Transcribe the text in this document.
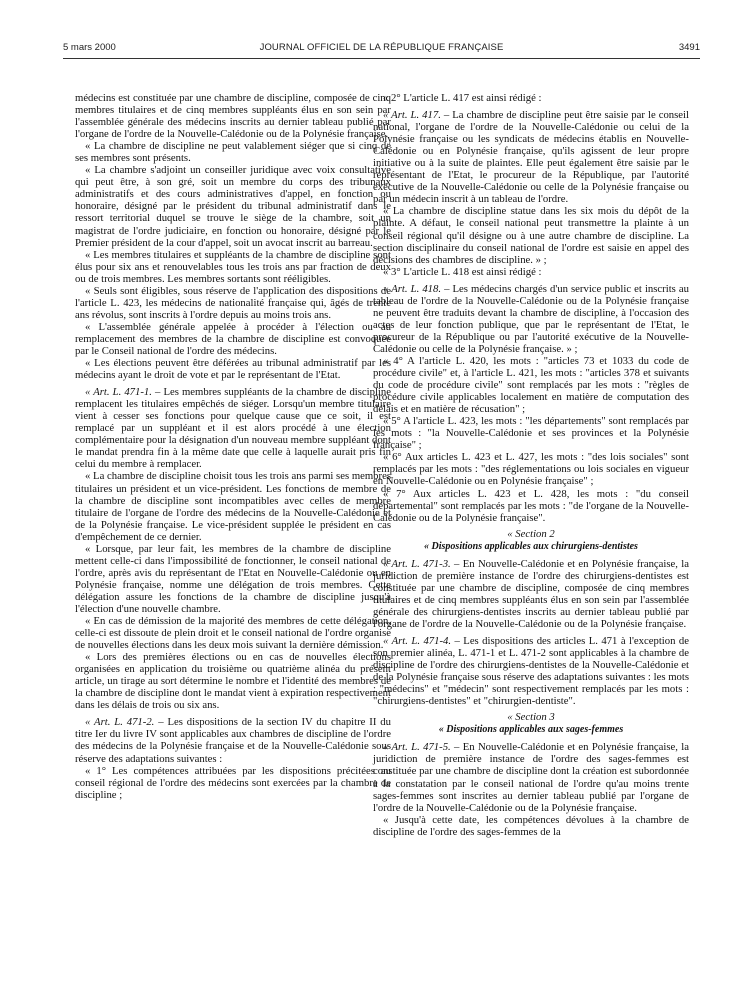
5 mars 2000	JOURNAL OFFICIEL DE LA RÉPUBLIQUE FRANÇAISE	3491

médecins est constituée par une chambre de discipline, composée de cinq membres titulaires et de cinq membres suppléants élus en son sein par l'assemblée générale des médecins inscrits au dernier tableau publié par l'organe de l'ordre de la Nouvelle-Calédonie ou de la Polynésie française.

« La chambre de discipline ne peut valablement siéger que si cinq de ses membres sont présents.

« La chambre s'adjoint un conseiller juridique avec voix consultative qui peut être, à son gré, soit un membre du corps des tribunaux administratifs et des cours administratives d'appel, en fonction ou honoraire, désigné par le président du tribunal administratif dans le ressort territorial duquel se trouve le siège de la chambre, soit un magistrat de l'ordre judiciaire, en fonction ou honoraire, désigné par le Premier président de la cour d'appel, soit un avocat inscrit au barreau.

« Les membres titulaires et suppléants de la chambre de discipline sont élus pour six ans et renouvelables tous les trois ans par fraction de deux ou de trois membres. Les membres sortants sont rééligibles.

« Seuls sont éligibles, sous réserve de l'application des dispositions de l'article L. 423, les médecins de nationalité française qui, âgés de trente ans révolus, sont inscrits à l'ordre depuis au moins trois ans.

« L'assemblée générale appelée à procéder à l'élection ou au remplacement des membres de la chambre de discipline est convoquée par le Conseil national de l'ordre des médecins.

« Les élections peuvent être déférées au tribunal administratif par les médecins ayant le droit de vote et par le représentant de l'Etat.

« Art. L. 471-1. – Les membres suppléants de la chambre de discipline remplacent les titulaires empêchés de siéger. Lorsqu'un membre titulaire vient à cesser ses fonctions pour quelque cause que ce soit, il est remplacé par un suppléant et il est alors procédé à une élection complémentaire pour la désignation d'un nouveau membre suppléant dont le mandat prendra fin à la même date que celle à laquelle aurait pris fin celui du membre à remplacer.

« La chambre de discipline choisit tous les trois ans parmi ses membres titulaires un président et un vice-président. Les fonctions de membre de la chambre de discipline sont incompatibles avec celles de membre titulaire de l'organe de l'ordre des médecins de la Nouvelle-Calédonie et de la Polynésie française. Le vice-président supplée le président en cas d'empêchement de ce dernier.

« Lorsque, par leur fait, les membres de la chambre de discipline mettent celle-ci dans l'impossibilité de fonctionner, le conseil national de l'ordre, après avis du représentant de l'Etat en Nouvelle-Calédonie ou en Polynésie française, nomme une délégation de trois membres. Cette délégation assure les fonctions de la chambre de discipline jusqu'à l'élection d'une nouvelle chambre.

« En cas de démission de la majorité des membres de cette délégation, celle-ci est dissoute de plein droit et le conseil national de l'ordre organise de nouvelles élections dans les deux mois suivant la dernière démission.

« Lors des premières élections ou en cas de nouvelles élections organisées en application du troisième ou quatrième alinéa du présent article, un tirage au sort détermine le nombre et l'identité des membres de la chambre de discipline dont le mandat vient à expiration respectivement dans les délais de trois ou six ans.

« Art. L. 471-2. – Les dispositions de la section IV du chapitre II du titre Ier du livre IV sont applicables aux chambres de discipline de l'ordre des médecins de la Polynésie française et de la Nouvelle-Calédonie sous réserve des adaptations suivantes :

« 1° Les compétences attribuées par les dispositions précitées au conseil régional de l'ordre des médecins sont exercées par la chambre de discipline ;

« 2° L'article L. 417 est ainsi rédigé :

« Art. L. 417. – La chambre de discipline peut être saisie par le conseil national, l'organe de l'ordre de la Nouvelle-Calédonie ou celui de la Polynésie française ou les syndicats de médecins établis en Nouvelle-Calédonie ou en Polynésie française, qu'ils agissent de leur propre initiative ou à la suite de plaintes. Elle peut également être saisie par le représentant de l'Etat, le procureur de la République, par l'autorité exécutive de la Nouvelle-Calédonie ou celle de la Polynésie française ou par un médecin inscrit à un tableau de l'ordre.

« La chambre de discipline statue dans les six mois du dépôt de la plainte. A défaut, le conseil national peut transmettre la plainte à un conseil régional qu'il désigne ou à une autre chambre de discipline. La section disciplinaire du conseil national de l'ordre est saisie en appel des décisions des chambres de discipline. » ;

« 3° L'article L. 418 est ainsi rédigé :

« Art. L. 418. – Les médecins chargés d'un service public et inscrits au tableau de l'ordre de la Nouvelle-Calédonie ou de la Polynésie française ne peuvent être traduits devant la chambre de discipline, à l'occasion des actes de leur fonction publique, que par le représentant de l'Etat, le procureur de la République ou par l'autorité exécutive de la Nouvelle-Calédonie ou celle de la Polynésie française. » ;

« 4° A l'article L. 420, les mots : "articles 73 et 1033 du code de procédure civile" et, à l'article L. 421, les mots : "articles 378 et suivants du code de procédure civile" sont remplacés par les mots : "règles de procédure civile applicables localement en matière de computation des délais et en matière de récusation" ;

« 5° A l'article L. 423, les mots : "les départements" sont remplacés par les mots : "la Nouvelle-Calédonie et ses provinces et la Polynésie française" ;

« 6° Aux articles L. 423 et L. 427, les mots : "des lois sociales" sont remplacés par les mots : "des réglementations ou lois sociales en vigueur en Nouvelle-Calédonie ou en Polynésie française" ;

« 7° Aux articles L. 423 et L. 428, les mots : "du conseil départemental" sont remplacés par les mots : "de l'organe de la Nouvelle-Calédonie ou de la Polynésie française".

« Section 2
« Dispositions applicables aux chirurgiens-dentistes

« Art. L. 471-3. – En Nouvelle-Calédonie et en Polynésie française, la juridiction de première instance de l'ordre des chirurgiens-dentistes est constituée par une chambre de discipline, composée de cinq membres titulaires et de cinq membres suppléants élus en son sein par l'assemblée générale des chirurgiens-dentistes inscrits au dernier tableau publié par l'organe de l'ordre de la Nouvelle-Calédonie ou de la Polynésie française.

« Art. L. 471-4. – Les dispositions des articles L. 471 à l'exception de son premier alinéa, L. 471-1 et L. 471-2 sont applicables à la chambre de discipline de l'ordre des chirurgiens-dentistes de la Nouvelle-Calédonie et de la Polynésie française sous réserve des adaptations suivantes : les mots : "médecins" et "médecin" sont respectivement remplacés par les mots : "chirurgiens-dentistes" et "chirurgien-dentiste".

« Section 3
« Dispositions applicables aux sages-femmes

« Art. L. 471-5. – En Nouvelle-Calédonie et en Polynésie française, la juridiction de première instance de l'ordre des sages-femmes est constituée par une chambre de discipline dont la création est subordonnée à la constatation par le conseil national de l'ordre qu'au moins trente sages-femmes sont inscrites au dernier tableau publié par l'organe de l'ordre de la Nouvelle-Calédonie ou de la Polynésie française.

« Jusqu'à cette date, les compétences dévolues à la chambre de discipline de l'ordre des sages-femmes de la
